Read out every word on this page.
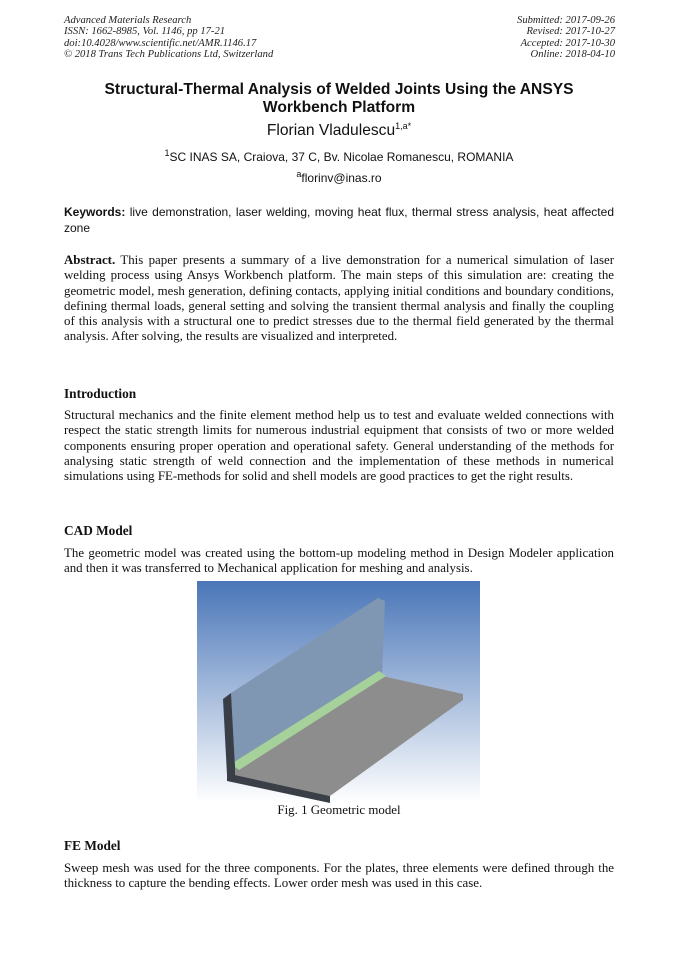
Advanced Materials Research
ISSN: 1662-8985, Vol. 1146, pp 17-21
doi:10.4028/www.scientific.net/AMR.1146.17
© 2018 Trans Tech Publications Ltd, Switzerland
Submitted: 2017-09-26
Revised: 2017-10-27
Accepted: 2017-10-30
Online: 2018-04-10
Structural-Thermal Analysis of Welded Joints Using the ANSYS
Workbench Platform
Florian Vladulescu$^{1,a*}$
$^1$SC INAS SA, Craiova, 37 C, Bv. Nicolae Romanescu, ROMANIA
$^a$florinv@inas.ro
Keywords: live demonstration, laser welding, moving heat flux, thermal stress analysis, heat affected zone
Abstract. This paper presents a summary of a live demonstration for a numerical simulation of laser welding process using Ansys Workbench platform. The main steps of this simulation are: creating the geometric model, mesh generation, defining contacts, applying initial conditions and boundary conditions, defining thermal loads, general setting and solving the transient thermal analysis and finally the coupling of this analysis with a structural one to predict stresses due to the thermal field generated by the thermal analysis. After solving, the results are visualized and interpreted.
Introduction
Structural mechanics and the finite element method help us to test and evaluate welded connections with respect the static strength limits for numerous industrial equipment that consists of two or more welded components ensuring proper operation and operational safety. General understanding of the methods for analysing static strength of weld connection and the implementation of these methods in numerical simulations using FE-methods for solid and shell models are good practices to get the right results.
CAD Model
The geometric model was created using the bottom-up modeling method in Design Modeler application and then it was transferred to Mechanical application for meshing and analysis.
Fig. 1 Geometric model
FE Model
Sweep mesh was used for the three components. For the plates, three elements were defined through the thickness to capture the bending effects. Lower order mesh was used in this case.
